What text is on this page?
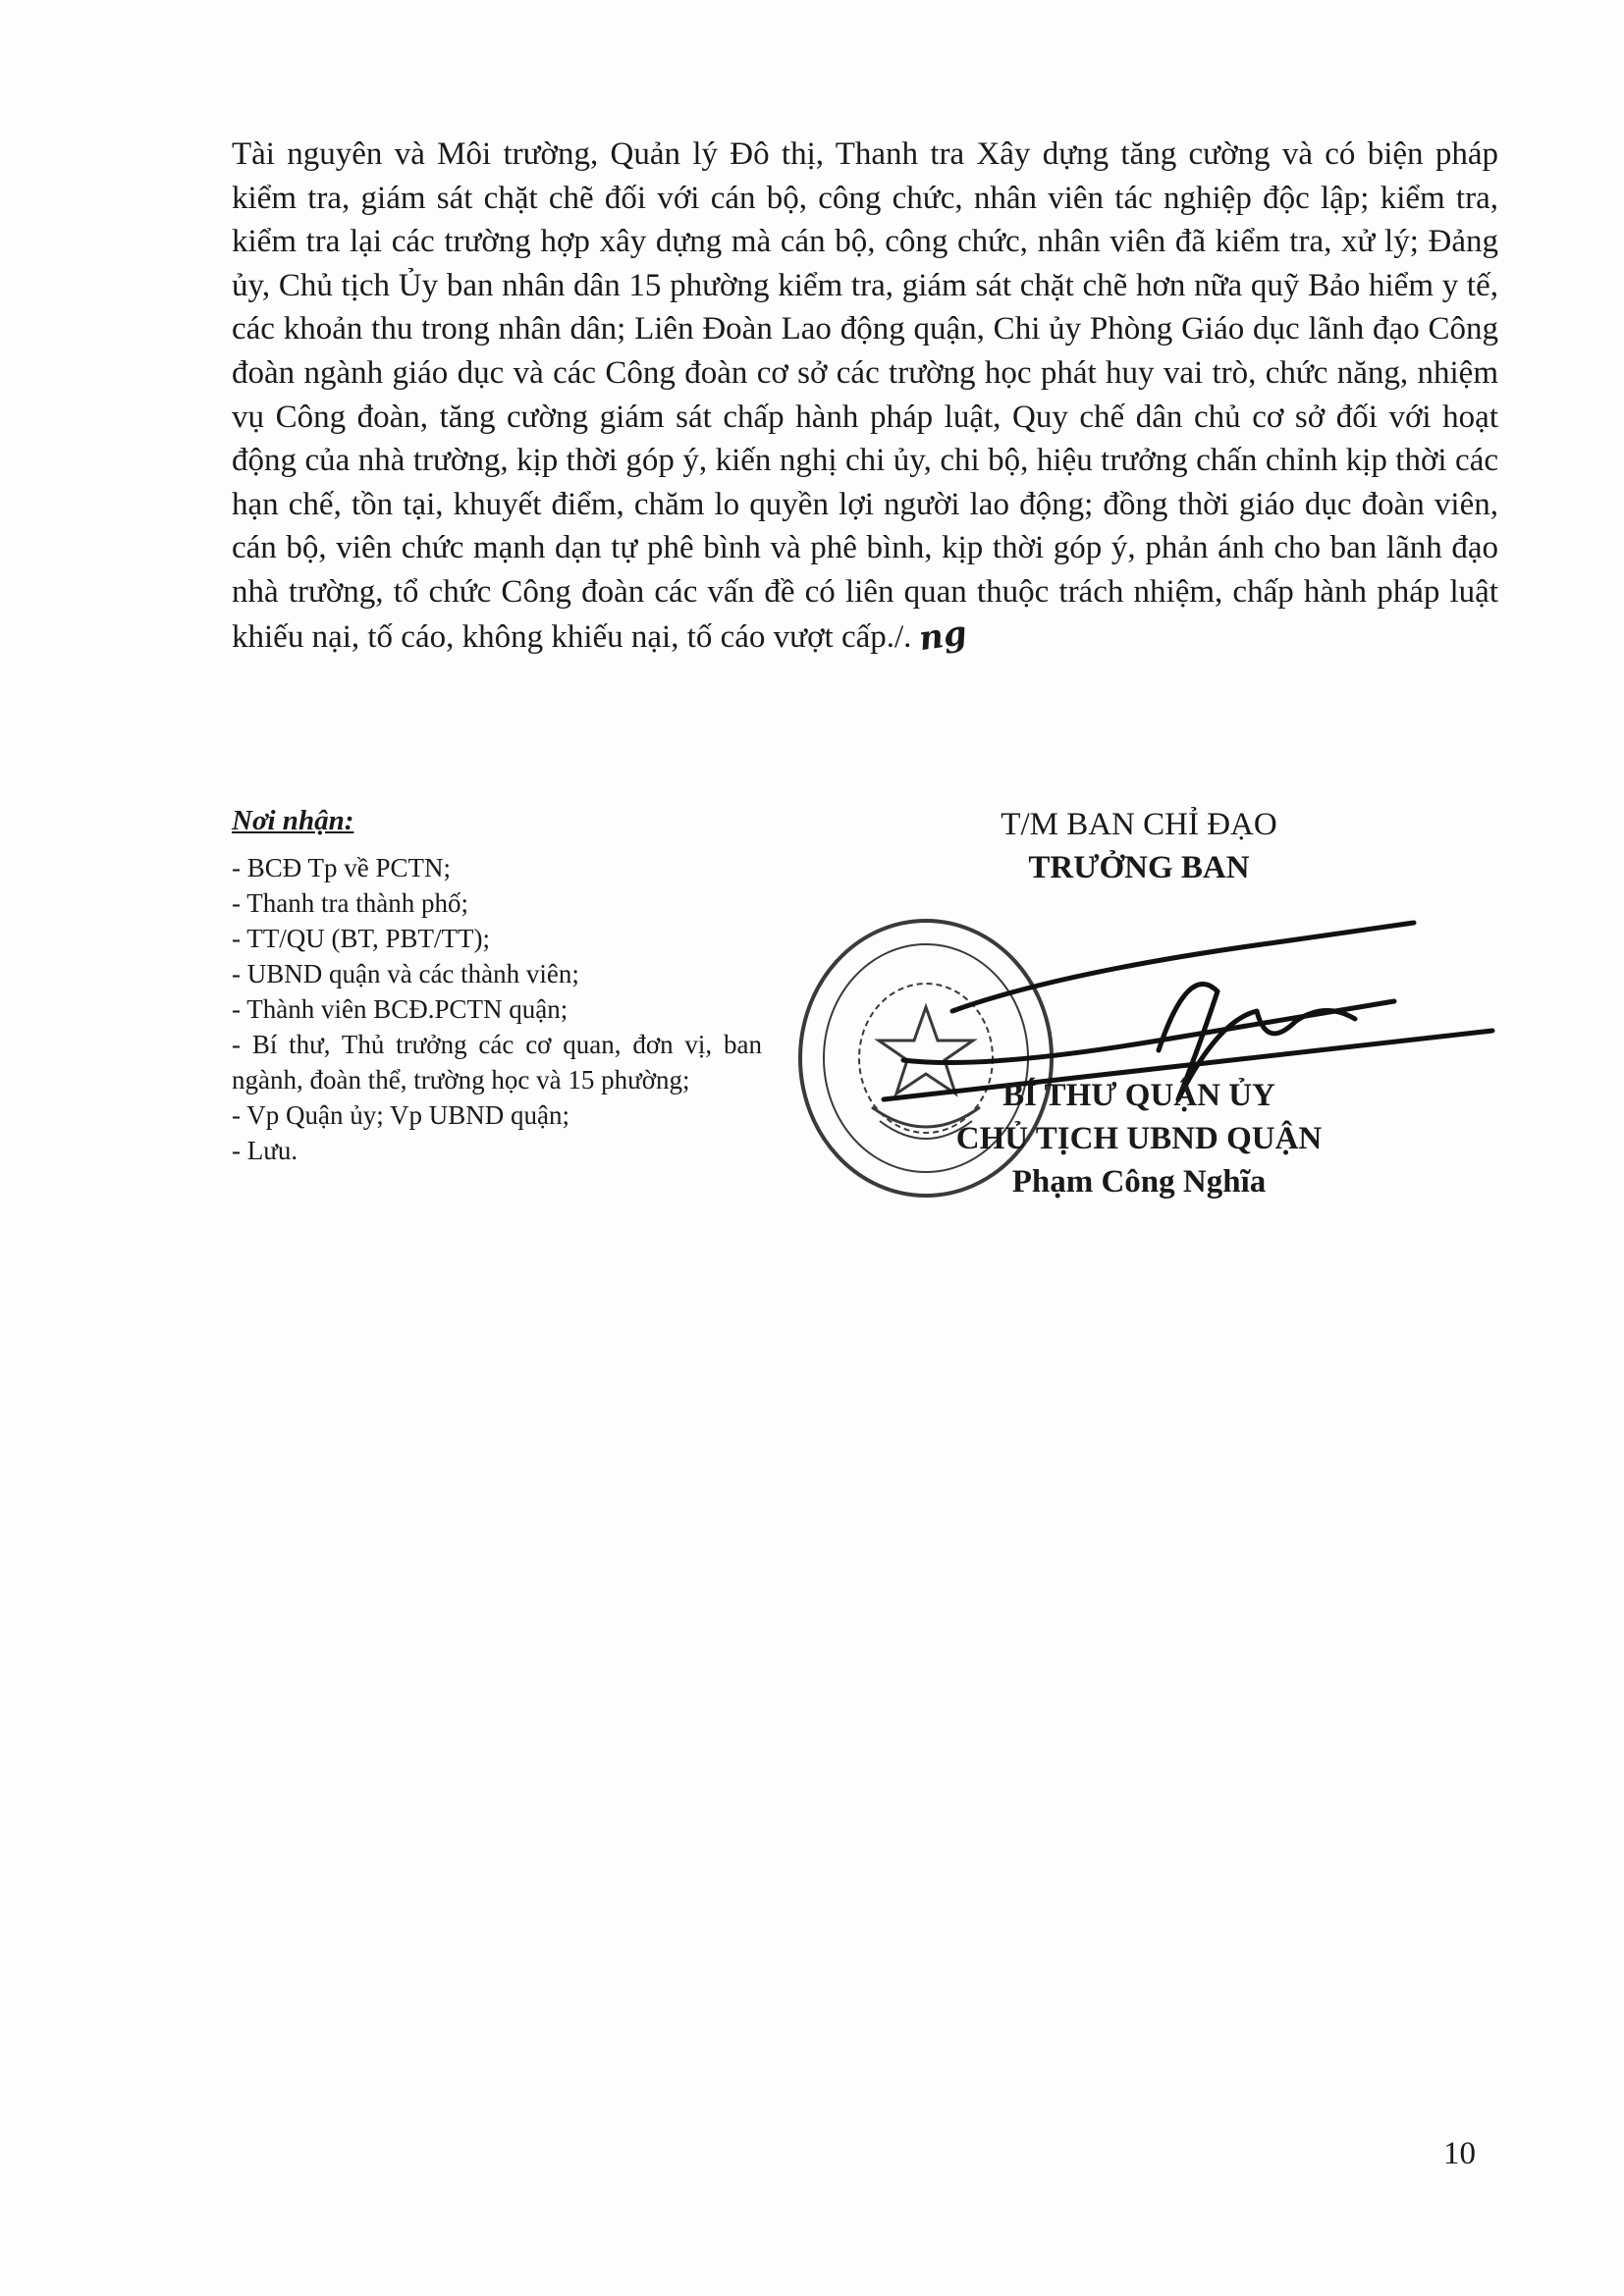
Tài nguyên và Môi trường, Quản lý Đô thị, Thanh tra Xây dựng tăng cường và có biện pháp kiểm tra, giám sát chặt chẽ đối với cán bộ, công chức, nhân viên tác nghiệp độc lập; kiểm tra, kiểm tra lại các trường hợp xây dựng mà cán bộ, công chức, nhân viên đã kiểm tra, xử lý; Đảng ủy, Chủ tịch Ủy ban nhân dân 15 phường kiểm tra, giám sát chặt chẽ hơn nữa quỹ Bảo hiểm y tế, các khoản thu trong nhân dân; Liên Đoàn Lao động quận, Chi ủy Phòng Giáo dục lãnh đạo Công đoàn ngành giáo dục và các Công đoàn cơ sở các trường học phát huy vai trò, chức năng, nhiệm vụ Công đoàn, tăng cường giám sát chấp hành pháp luật, Quy chế dân chủ cơ sở đối với hoạt động của nhà trường, kịp thời góp ý, kiến nghị chi ủy, chi bộ, hiệu trưởng chấn chỉnh kịp thời các hạn chế, tồn tại, khuyết điểm, chăm lo quyền lợi người lao động; đồng thời giáo dục đoàn viên, cán bộ, viên chức mạnh dạn tự phê bình và phê bình, kịp thời góp ý, phản ánh cho ban lãnh đạo nhà trường, tổ chức Công đoàn các vấn đề có liên quan thuộc trách nhiệm, chấp hành pháp luật khiếu nại, tố cáo, không khiếu nại, tố cáo vượt cấp./. ng

Nơi nhận:
- BCĐ Tp về PCTN;
- Thanh tra thành phố;
- TT/QU (BT, PBT/TT);
- UBND quận và các thành viên;
- Thành viên BCĐ.PCTN quận;
- Bí thư, Thủ trưởng các cơ quan, đơn vị, ban ngành, đoàn thể, trường học và 15 phường;
- Vp Quận ủy; Vp UBND quận;
- Lưu.
T/M BAN CHỈ ĐẠO
TRƯỞNG BAN
BÍ THƯ QUẬN ỦY
CHỦ TỊCH UBND QUẬN
Phạm Công Nghĩa
10
